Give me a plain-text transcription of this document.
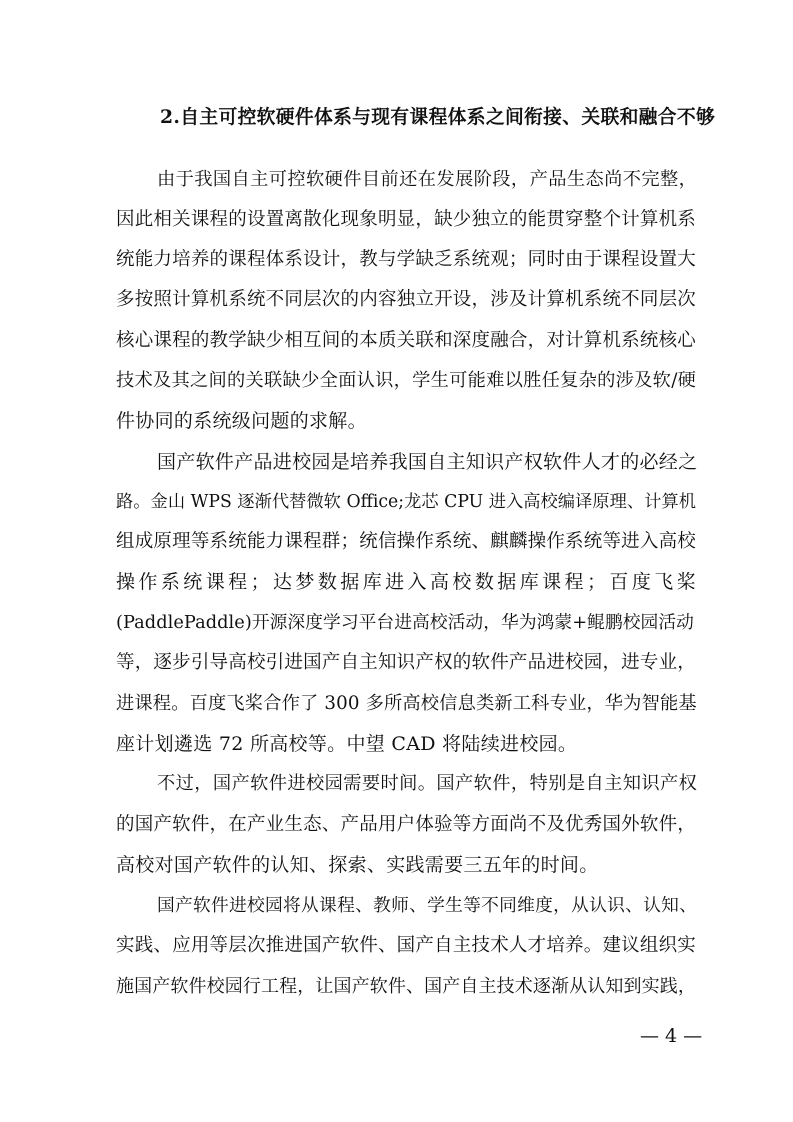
2.自主可控软硬件体系与现有课程体系之间衔接、关联和融合不够
由于我国自主可控软硬件目前还在发展阶段，产品生态尚不完整，
因此相关课程的设置离散化现象明显，缺少独立的能贯穿整个计算机系
统能力培养的课程体系设计，教与学缺乏系统观；同时由于课程设置大
多按照计算机系统不同层次的内容独立开设，涉及计算机系统不同层次
核心课程的教学缺少相互间的本质关联和深度融合，对计算机系统核心
技术及其之间的关联缺少全面认识，学生可能难以胜任复杂的涉及软/硬
件协同的系统级问题的求解。
国产软件产品进校园是培养我国自主知识产权软件人才的必经之
路。金山 WPS 逐渐代替微软 Office;龙芯 CPU 进入高校编译原理、计算机
组成原理等系统能力课程群；统信操作系统、麒麟操作系统等进入高校
操作系统课程；达梦数据库进入高校数据库课程；百度飞桨
(PaddlePaddle)开源深度学习平台进高校活动，华为鸿蒙+鲲鹏校园活动
等，逐步引导高校引进国产自主知识产权的软件产品进校园，进专业，
进课程。百度飞桨合作了 300 多所高校信息类新工科专业，华为智能基
座计划遴选 72 所高校等。中望 CAD 将陆续进校园。
不过，国产软件进校园需要时间。国产软件，特别是自主知识产权
的国产软件，在产业生态、产品用户体验等方面尚不及优秀国外软件，
高校对国产软件的认知、探索、实践需要三五年的时间。
国产软件进校园将从课程、教师、学生等不同维度，从认识、认知、
实践、应用等层次推进国产软件、国产自主技术人才培养。建议组织实
施国产软件校园行工程，让国产软件、国产自主技术逐渐从认知到实践，
— 4 —
